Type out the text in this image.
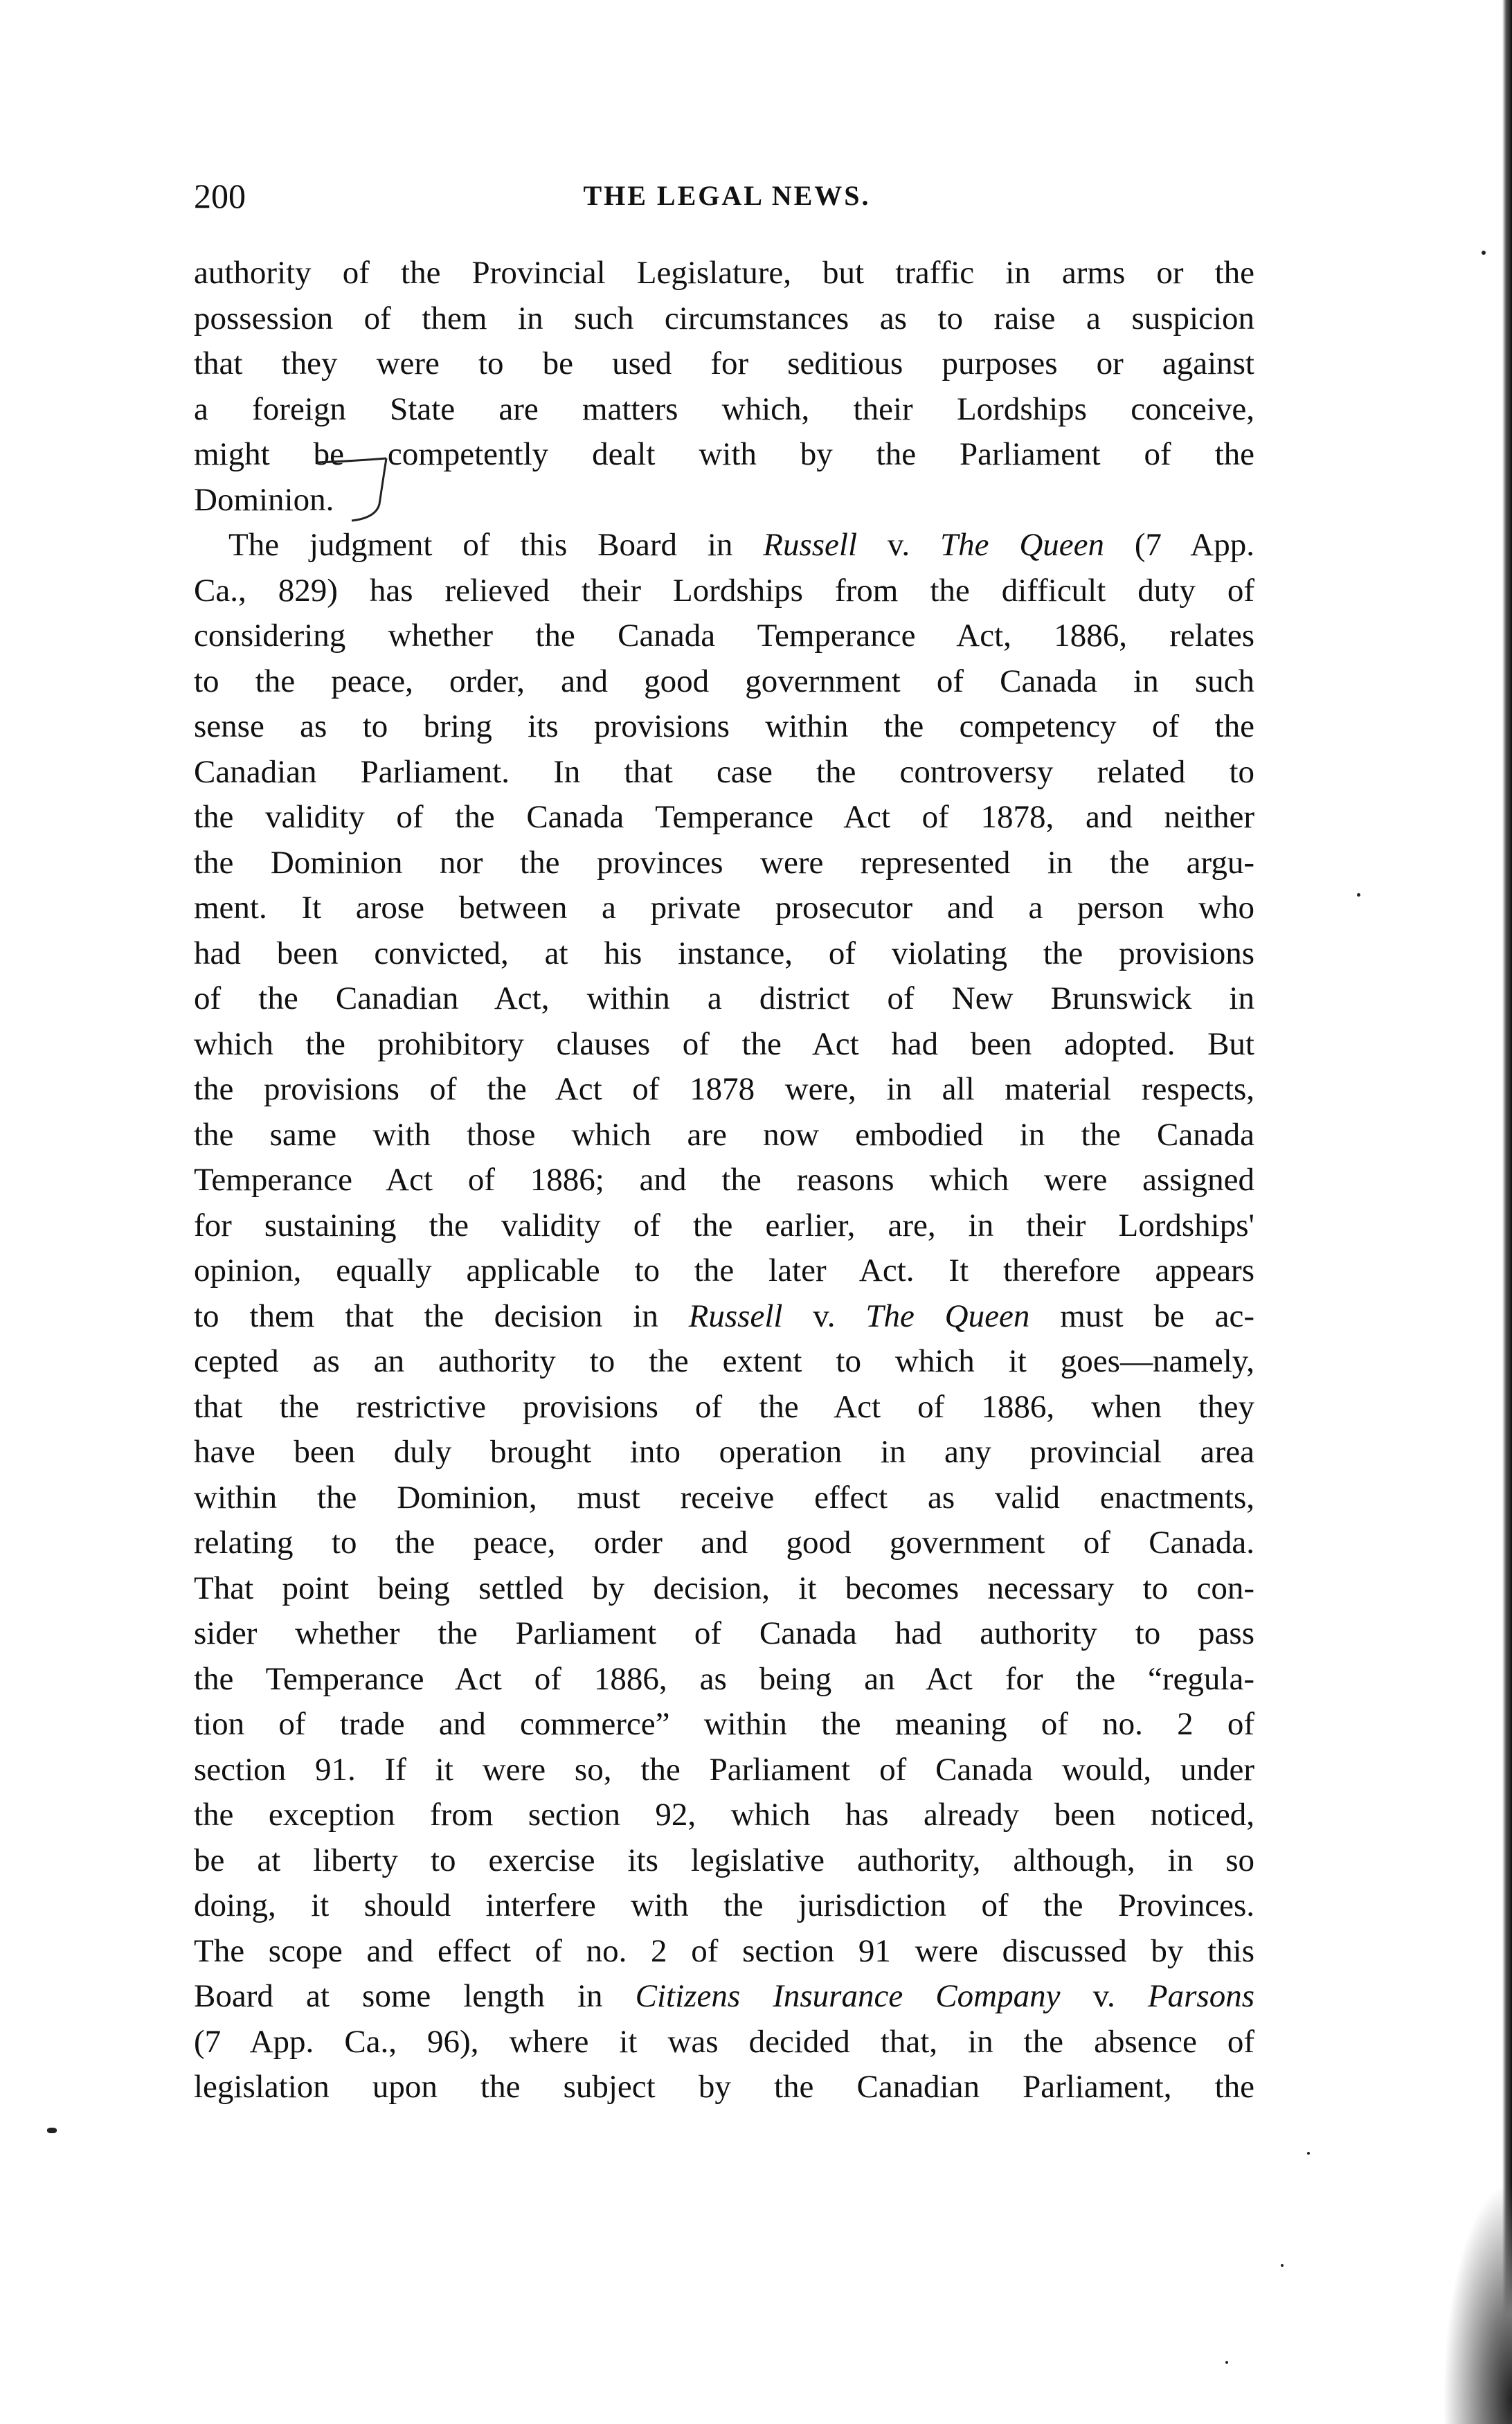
200	THE LEGAL NEWS.

authority of the Provincial Legislature, but traffic in arms or the

possession of them in such circumstances as to raise a suspicion

that they were to be used for seditious purposes or against

a foreign State are matters which, their Lordships conceive,

might be competently dealt with by the Parliament of the

Dominion.

The judgment of this Board in Russell v. The Queen (7 App.

Ca., 829) has relieved their Lordships from the difficult duty of

considering whether the Canada Temperance Act, 1886, relates

to the peace, order, and good government of Canada in such

sense as to bring its provisions within the competency of the

Canadian Parliament. In that case the controversy related to

the validity of the Canada Temperance Act of 1878, and neither

the Dominion nor the provinces were represented in the argu-

ment. It arose between a private prosecutor and a person who

had been convicted, at his instance, of violating the provisions

of the Canadian Act, within a district of New Brunswick in

which the prohibitory clauses of the Act had been adopted. But

the provisions of the Act of 1878 were, in all material respects,

the same with those which are now embodied in the Canada

Temperance Act of 1886; and the reasons which were assigned

for sustaining the validity of the earlier, are, in their Lordships'

opinion, equally applicable to the later Act. It therefore appears

to them that the decision in Russell v. The Queen must be ac-

cepted as an authority to the extent to which it goes—namely,

that the restrictive provisions of the Act of 1886, when they

have been duly brought into operation in any provincial area

within the Dominion, must receive effect as valid enactments,

relating to the peace, order and good government of Canada.

That point being settled by decision, it becomes necessary to con-

sider whether the Parliament of Canada had authority to pass

the Temperance Act of 1886, as being an Act for the “regula-

tion of trade and commerce” within the meaning of no. 2 of

section 91. If it were so, the Parliament of Canada would, under

the exception from section 92, which has already been noticed,

be at liberty to exercise its legislative authority, although, in so

doing, it should interfere with the jurisdiction of the Provinces.

The scope and effect of no. 2 of section 91 were discussed by this

Board at some length in Citizens Insurance Company v. Parsons

(7 App. Ca., 96), where it was decided that, in the absence of

legislation upon the subject by the Canadian Parliament, the
